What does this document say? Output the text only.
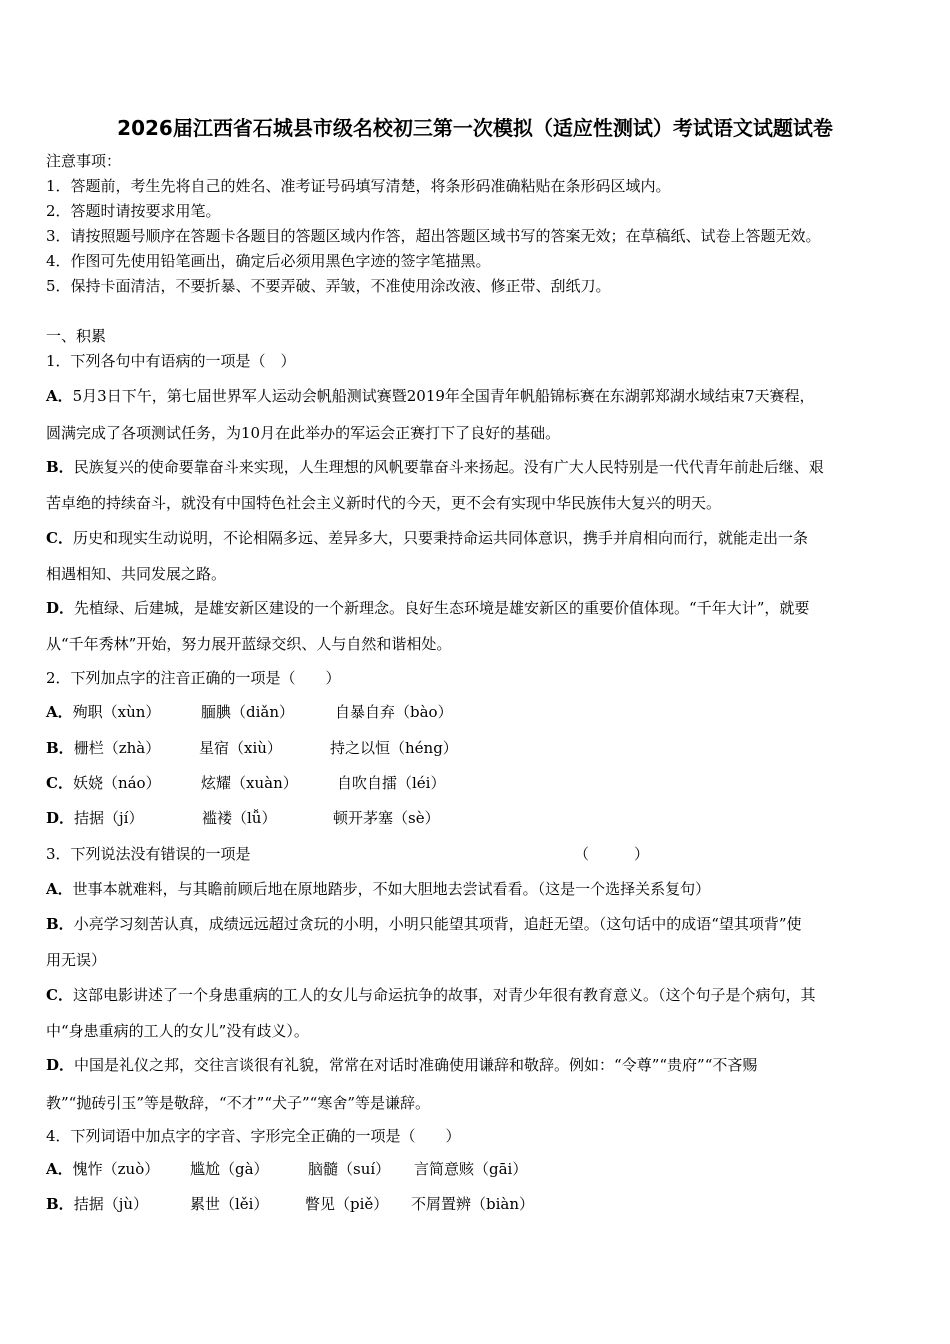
2026届江西省石城县市级名校初三第一次模拟（适应性测试）考试语文试题试卷
注意事项：
1．答题前，考生先将自己的姓名、准考证号码填写清楚，将条形码准确粘贴在条形码区域内。
2．答题时请按要求用笔。
3．请按照题号顺序在答题卡各题目的答题区域内作答，超出答题区域书写的答案无效；在草稿纸、试卷上答题无效。
4．作图可先使用铅笔画出，确定后必须用黑色字迹的签字笔描黑。
5．保持卡面清洁，不要折暴、不要弄破、弄皱，不准使用涂改液、修正带、刮纸刀。
一、积累
1．下列各句中有语病的一项是（　）
A．5月3日下午，第七届世界军人运动会帆船测试赛暨2019年全国青年帆船锦标赛在东湖郭郑湖水域结束7天赛程，
圆满完成了各项测试任务，为10月在此举办的军运会正赛打下了良好的基础。
B．民族复兴的使命要靠奋斗来实现，人生理想的风帆要靠奋斗来扬起。没有广大人民特别是一代代青年前赴后继、艰
苦卓绝的持续奋斗，就没有中国特色社会主义新时代的今天，更不会有实现中华民族伟大复兴的明天。
C．历史和现实生动说明，不论相隔多远、差异多大，只要秉持命运共同体意识，携手并肩相向而行，就能走出一条
相遇相知、共同发展之路。
D．先植绿、后建城，是雄安新区建设的一个新理念。良好生态环境是雄安新区的重要价值体现。“千年大计”，就要
从“千年秀林”开始，努力展开蓝绿交织、人与自然和谐相处。
2．下列加点字的注音正确的一项是（　　）
A．殉职（xùn）	腼腆（diǎn）	自暴自弃（bào）
B．栅栏（zhà）	星宿（xiù）	持之以恒（héng）
C．妖娆（náo）	炫耀（xuàn）	自吹自擂（léi）
D．拮据（jí）	褴褛（lǚ）	顿开茅塞（sè）
3．下列说法没有错误的一项是	（　　　）
A．世事本就难料，与其瞻前顾后地在原地踏步，不如大胆地去尝试看看。（这是一个选择关系复句）
B．小亮学习刻苦认真，成绩远远超过贪玩的小明，小明只能望其项背，追赶无望。（这句话中的成语“望其项背”使
用无误）
C．这部电影讲述了一个身患重病的工人的女儿与命运抗争的故事，对青少年很有教育意义。（这个句子是个病句，其
中“身患重病的工人的女儿”没有歧义）。
D．中国是礼仪之邦，交往言谈很有礼貌，常常在对话时准确使用谦辞和敬辞。例如：“令尊”“贵府”“不吝赐
教”“抛砖引玉”等是敬辞，“不才”“犬子”“寒舍”等是谦辞。
4．下列词语中加点字的字音、字形完全正确的一项是（　　）
A．愧怍（zuò） 尴尬（gà）	脑髓（suí） 言简意赅（gāi）
B．拮据（jù）	累世（lěi） 瞥见（piě） 不屑置辨（biàn）
